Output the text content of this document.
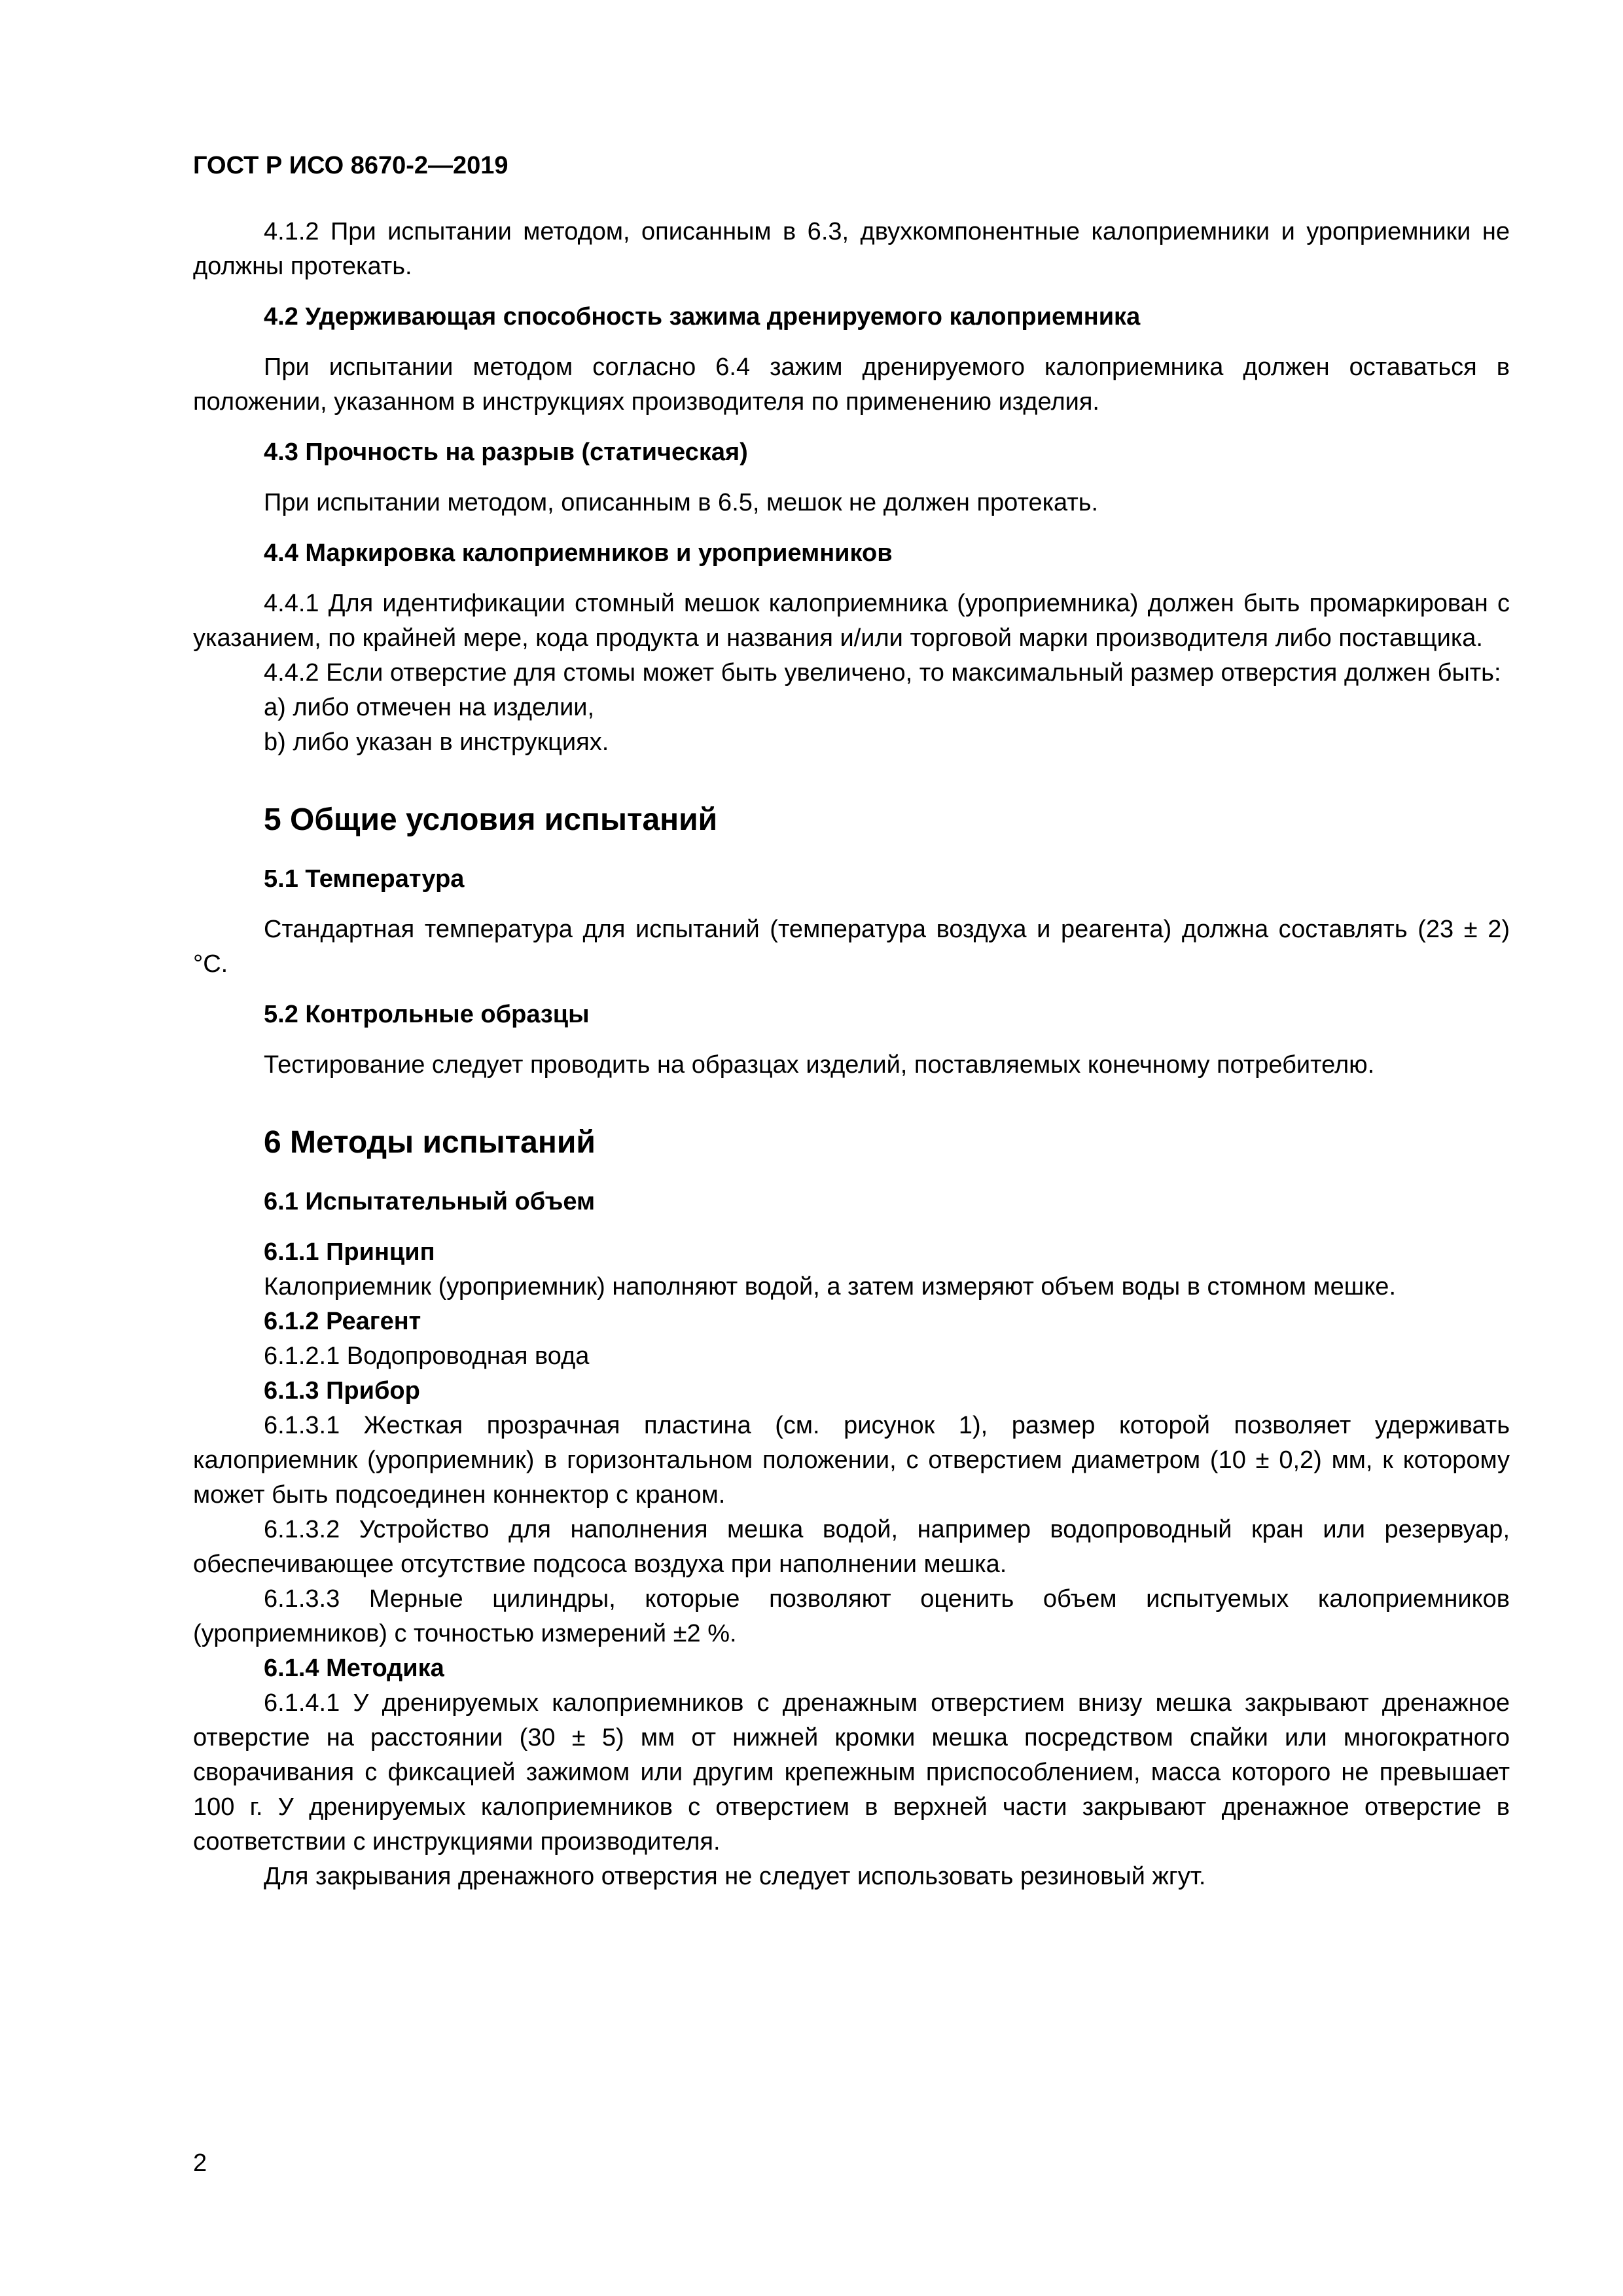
ГОСТ Р ИСО 8670-2—2019

4.1.2 При испытании методом, описанным в 6.3, двухкомпонентные калоприемники и уроприемники не должны протекать.

4.2 Удерживающая способность зажима дренируемого калоприемника

При испытании методом согласно 6.4 зажим дренируемого калоприемника должен оставаться в положении, указанном в инструкциях производителя по применению изделия.

4.3 Прочность на разрыв (статическая)

При испытании методом, описанным в 6.5, мешок не должен протекать.

4.4 Маркировка калоприемников и уроприемников

4.4.1 Для идентификации стомный мешок калоприемника (уроприемника) должен быть промаркирован с указанием, по крайней мере, кода продукта и названия и/или торговой марки производителя либо поставщика.

4.4.2 Если отверстие для стомы может быть увеличено, то максимальный размер отверстия должен быть:

a) либо отмечен на изделии,
b) либо указан в инструкциях.
5 Общие условия испытаний
5.1 Температура

Стандартная температура для испытаний (температура воздуха и реагента) должна составлять (23 ± 2) °С.

5.2 Контрольные образцы

Тестирование следует проводить на образцах изделий, поставляемых конечному потребителю.

6 Методы испытаний
6.1 Испытательный объем
6.1.1 Принцип

Калоприемник (уроприемник) наполняют водой, а затем измеряют объем воды в стомном мешке.

6.1.2 Реагент

6.1.2.1 Водопроводная вода

6.1.3 Прибор

6.1.3.1 Жесткая прозрачная пластина (см. рисунок 1), размер которой позволяет удерживать калоприемник (уроприемник) в горизонтальном положении, с отверстием диаметром (10 ± 0,2) мм, к которому может быть подсоединен коннектор с краном.

6.1.3.2 Устройство для наполнения мешка водой, например водопроводный кран или резервуар, обеспечивающее отсутствие подсоса воздуха при наполнении мешка.

6.1.3.3 Мерные цилиндры, которые позволяют оценить объем испытуемых калоприемников (уроприемников) с точностью измерений ±2 %.

6.1.4 Методика

6.1.4.1 У дренируемых калоприемников с дренажным отверстием внизу мешка закрывают дренажное отверстие на расстоянии (30 ± 5) мм от нижней кромки мешка посредством спайки или многократного сворачивания с фиксацией зажимом или другим крепежным приспособлением, масса которого не превышает 100 г. У дренируемых калоприемников с отверстием в верхней части закрывают дренажное отверстие в соответствии с инструкциями производителя.

Для закрывания дренажного отверстия не следует использовать резиновый жгут.

2
